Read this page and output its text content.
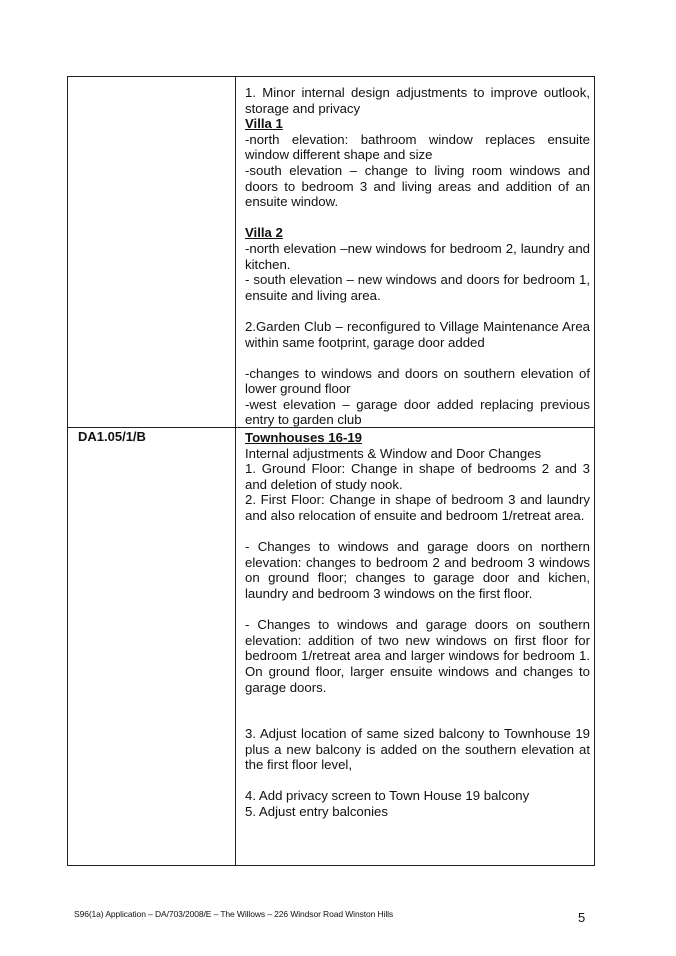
DA1.05/1/B

1. Minor internal design adjustments to improve outlook, storage and privacy

Villa 1

-north elevation: bathroom window replaces ensuite window different shape and size

-south elevation – change to living room windows and doors to bedroom 3 and living areas and addition of an ensuite window.

Villa 2

-north elevation –new windows for bedroom 2, laundry and kitchen.

- south elevation – new windows and doors for bedroom 1, ensuite and living area.

2.Garden Club – reconfigured to Village Maintenance Area within same footprint, garage door added

-changes to windows and doors on southern elevation of lower ground floor

-west elevation – garage door added replacing previous entry to garden club

Townhouses 16-19

Internal adjustments & Window and Door Changes

1. Ground Floor: Change in shape of bedrooms 2 and 3 and deletion of study nook.

2. First Floor: Change in shape of bedroom 3 and laundry and also relocation of ensuite and bedroom 1/retreat area.

- Changes to windows and garage doors on northern elevation: changes to bedroom 2 and bedroom 3 windows on ground floor; changes to garage door and kichen, laundry and bedroom 3 windows on the first floor.

- Changes to windows and garage doors on southern elevation: addition of two new windows on first floor for bedroom 1/retreat area and larger windows for bedroom 1. On ground floor, larger ensuite windows and changes to garage doors.

3. Adjust location of same sized balcony to Townhouse 19 plus a new balcony is added on the southern elevation at the first floor level,

4. Add privacy screen to Town House 19 balcony

5. Adjust entry balconies

S96(1a) Application – DA/703/2008/E – The Willows – 226 Windsor Road Winston Hills	5
